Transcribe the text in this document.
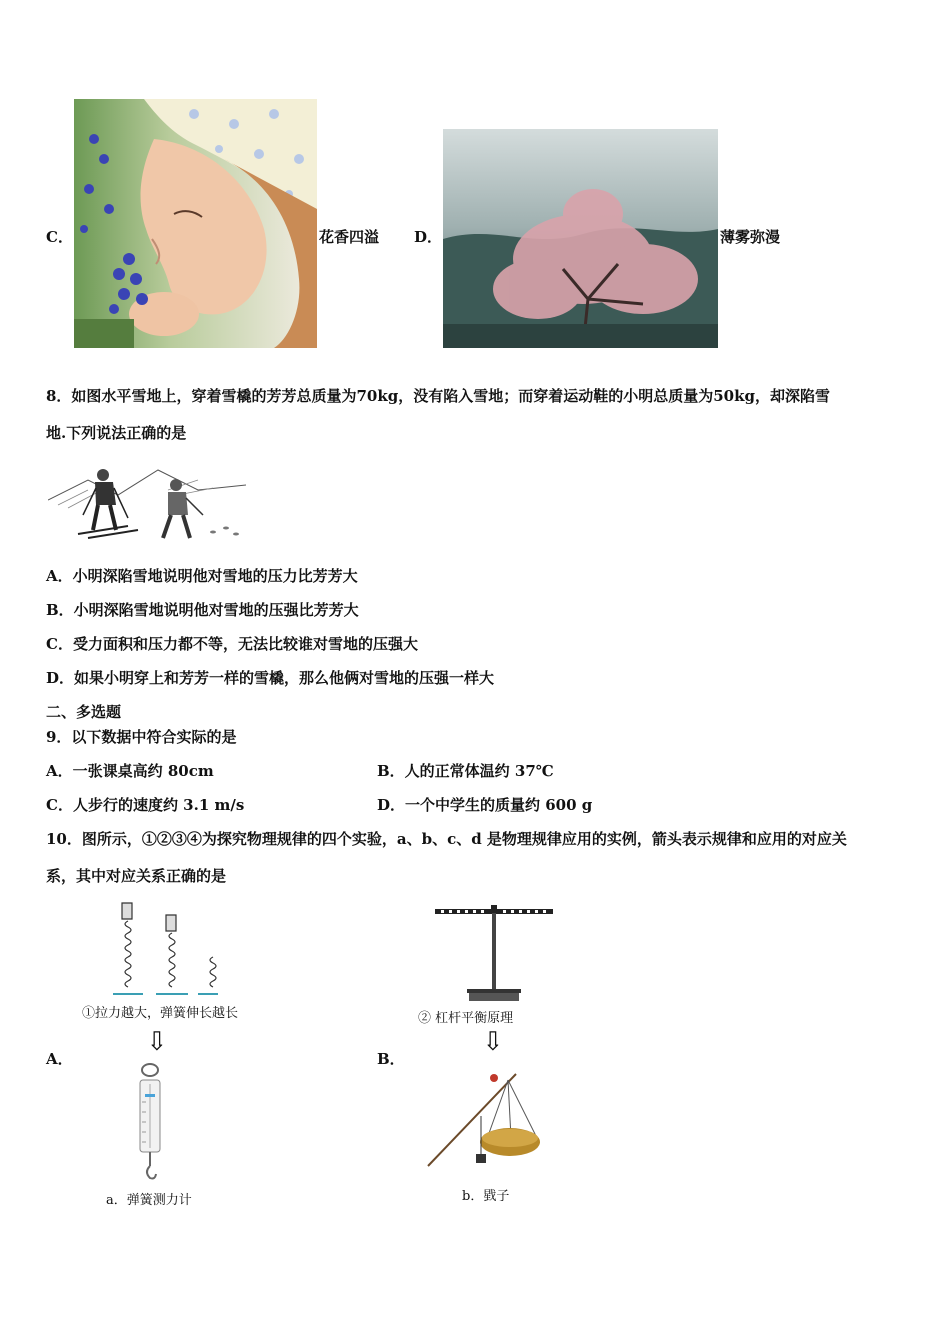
C．	花香四溢 D．	薄雾弥漫
8．如图水平雪地上，穿着雪橇的芳芳总质量为70kg，没有陷入雪地；而穿着运动鞋的小明总质量为50kg，却深陷雪
地.下列说法正确的是
A．小明深陷雪地说明他对雪地的压力比芳芳大
B．小明深陷雪地说明他对雪地的压强比芳芳大
C．受力面积和压力都不等，无法比较谁对雪地的压强大
D．如果小明穿上和芳芳一样的雪橇，那么他俩对雪地的压强一样大
二、多选题
9．以下数据中符合实际的是
A．一张课桌高约 80cm	B．人的正常体温约 37℃
C．人步行的速度约 3.1 m/s	D．一个中学生的质量约 600 g
10．图所示，①②③④为探究物理规律的四个实验，a、b、c、d 是物理规律应用的实例，箭头表示规律和应用的对应关
系，其中对应关系正确的是
①拉力越大，弹簧伸长越长
⇩
A．
a．弹簧测力计
② 杠杆平衡原理
⇩
B．
b．戥子
